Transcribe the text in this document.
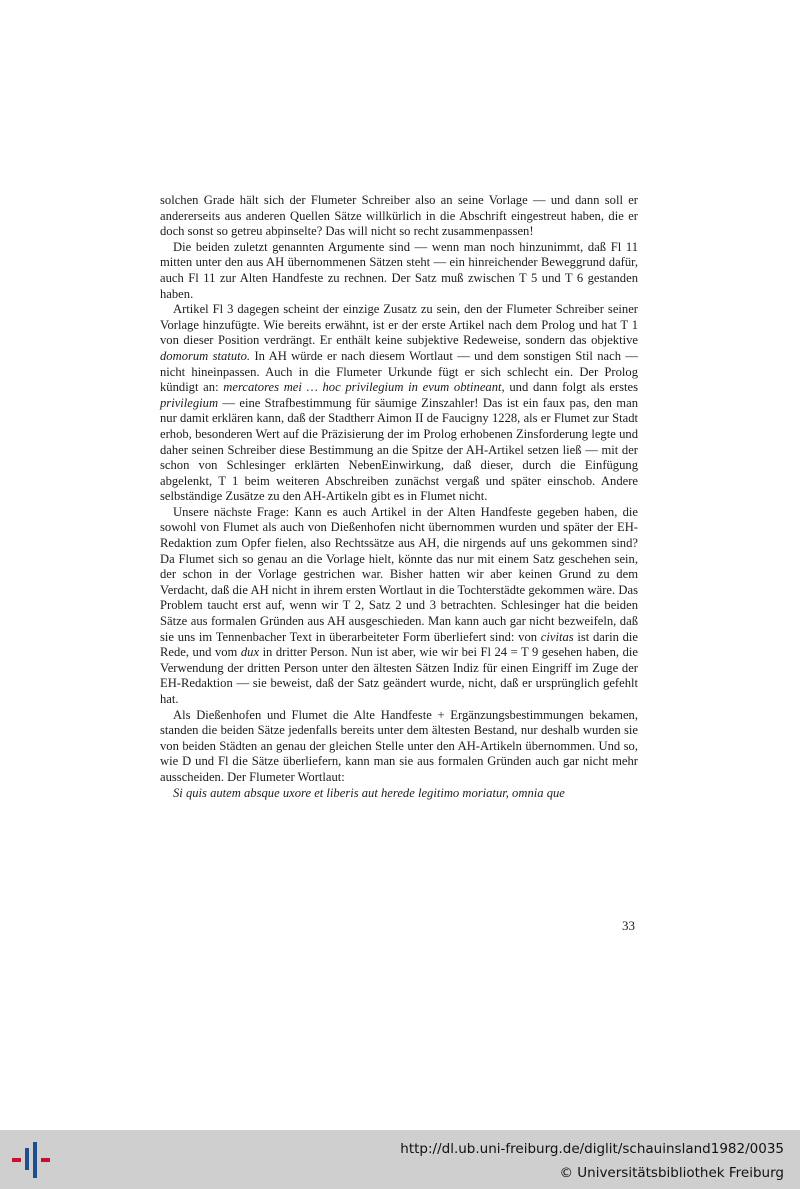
solchen Grade hält sich der Flumeter Schreiber also an seine Vorlage — und dann soll er andererseits aus anderen Quellen Sätze willkürlich in die Abschrift eingestreut haben, die er doch sonst so getreu abpinselte? Das will nicht so recht zusammenpassen!

Die beiden zuletzt genannten Argumente sind — wenn man noch hinzunimmt, daß Fl 11 mitten unter den aus AH übernommenen Sätzen steht — ein hinreichender Beweggrund dafür, auch Fl 11 zur Alten Handfeste zu rechnen. Der Satz muß zwischen T 5 und T 6 gestanden haben.

Artikel Fl 3 dagegen scheint der einzige Zusatz zu sein, den der Flumeter Schreiber seiner Vorlage hinzufügte. Wie bereits erwähnt, ist er der erste Artikel nach dem Prolog und hat T 1 von dieser Position verdrängt. Er enthält keine subjektive Redeweise, sondern das objektive domorum statuto. In AH würde er nach diesem Wortlaut — und dem sonstigen Stil nach — nicht hineinpassen. Auch in die Flumeter Urkunde fügt er sich schlecht ein. Der Prolog kündigt an: mercatores mei … hoc privilegium in evum obtineant, und dann folgt als erstes privilegium — eine Strafbestimmung für säumige Zinszahler! Das ist ein faux pas, den man nur damit erklären kann, daß der Stadtherr Aimon II de Faucigny 1228, als er Flumet zur Stadt erhob, besonderen Wert auf die Präzisierung der im Prolog erhobenen Zinsforderung legte und daher seinen Schreiber diese Bestimmung an die Spitze der AH-Artikel setzen ließ — mit der schon von Schlesinger erklärten NebenEinwirkung, daß dieser, durch die Einfügung abgelenkt, T 1 beim weiteren Abschreiben zunächst vergaß und später einschob. Andere selbständige Zusätze zu den AH-Artikeln gibt es in Flumet nicht.

Unsere nächste Frage: Kann es auch Artikel in der Alten Handfeste gegeben haben, die sowohl von Flumet als auch von Dießenhofen nicht übernommen wurden und später der EH-Redaktion zum Opfer fielen, also Rechtssätze aus AH, die nirgends auf uns gekommen sind? Da Flumet sich so genau an die Vorlage hielt, könnte das nur mit einem Satz geschehen sein, der schon in der Vorlage gestrichen war. Bisher hatten wir aber keinen Grund zu dem Verdacht, daß die AH nicht in ihrem ersten Wortlaut in die Tochterstädte gekommen wäre. Das Problem taucht erst auf, wenn wir T 2, Satz 2 und 3 betrachten. Schlesinger hat die beiden Sätze aus formalen Gründen aus AH ausgeschieden. Man kann auch gar nicht bezweifeln, daß sie uns im Tennenbacher Text in überarbeiteter Form überliefert sind: von civitas ist darin die Rede, und vom dux in dritter Person. Nun ist aber, wie wir bei Fl 24 = T 9 gesehen haben, die Verwendung der dritten Person unter den ältesten Sätzen Indiz für einen Eingriff im Zuge der EH-Redaktion — sie beweist, daß der Satz geändert wurde, nicht, daß er ursprünglich gefehlt hat.

Als Dießenhofen und Flumet die Alte Handfeste + Ergänzungsbestimmungen bekamen, standen die beiden Sätze jedenfalls bereits unter dem ältesten Bestand, nur deshalb wurden sie von beiden Städten an genau der gleichen Stelle unter den AH-Artikeln übernommen. Und so, wie D und Fl die Sätze überliefern, kann man sie aus formalen Gründen auch gar nicht mehr ausscheiden. Der Flumeter Wortlaut:

Si quis autem absque uxore et liberis aut herede legitimo moriatur, omnia que

33
http://dl.ub.uni-freiburg.de/diglit/schauinsland1982/0035
© Universitätsbibliothek Freiburg
